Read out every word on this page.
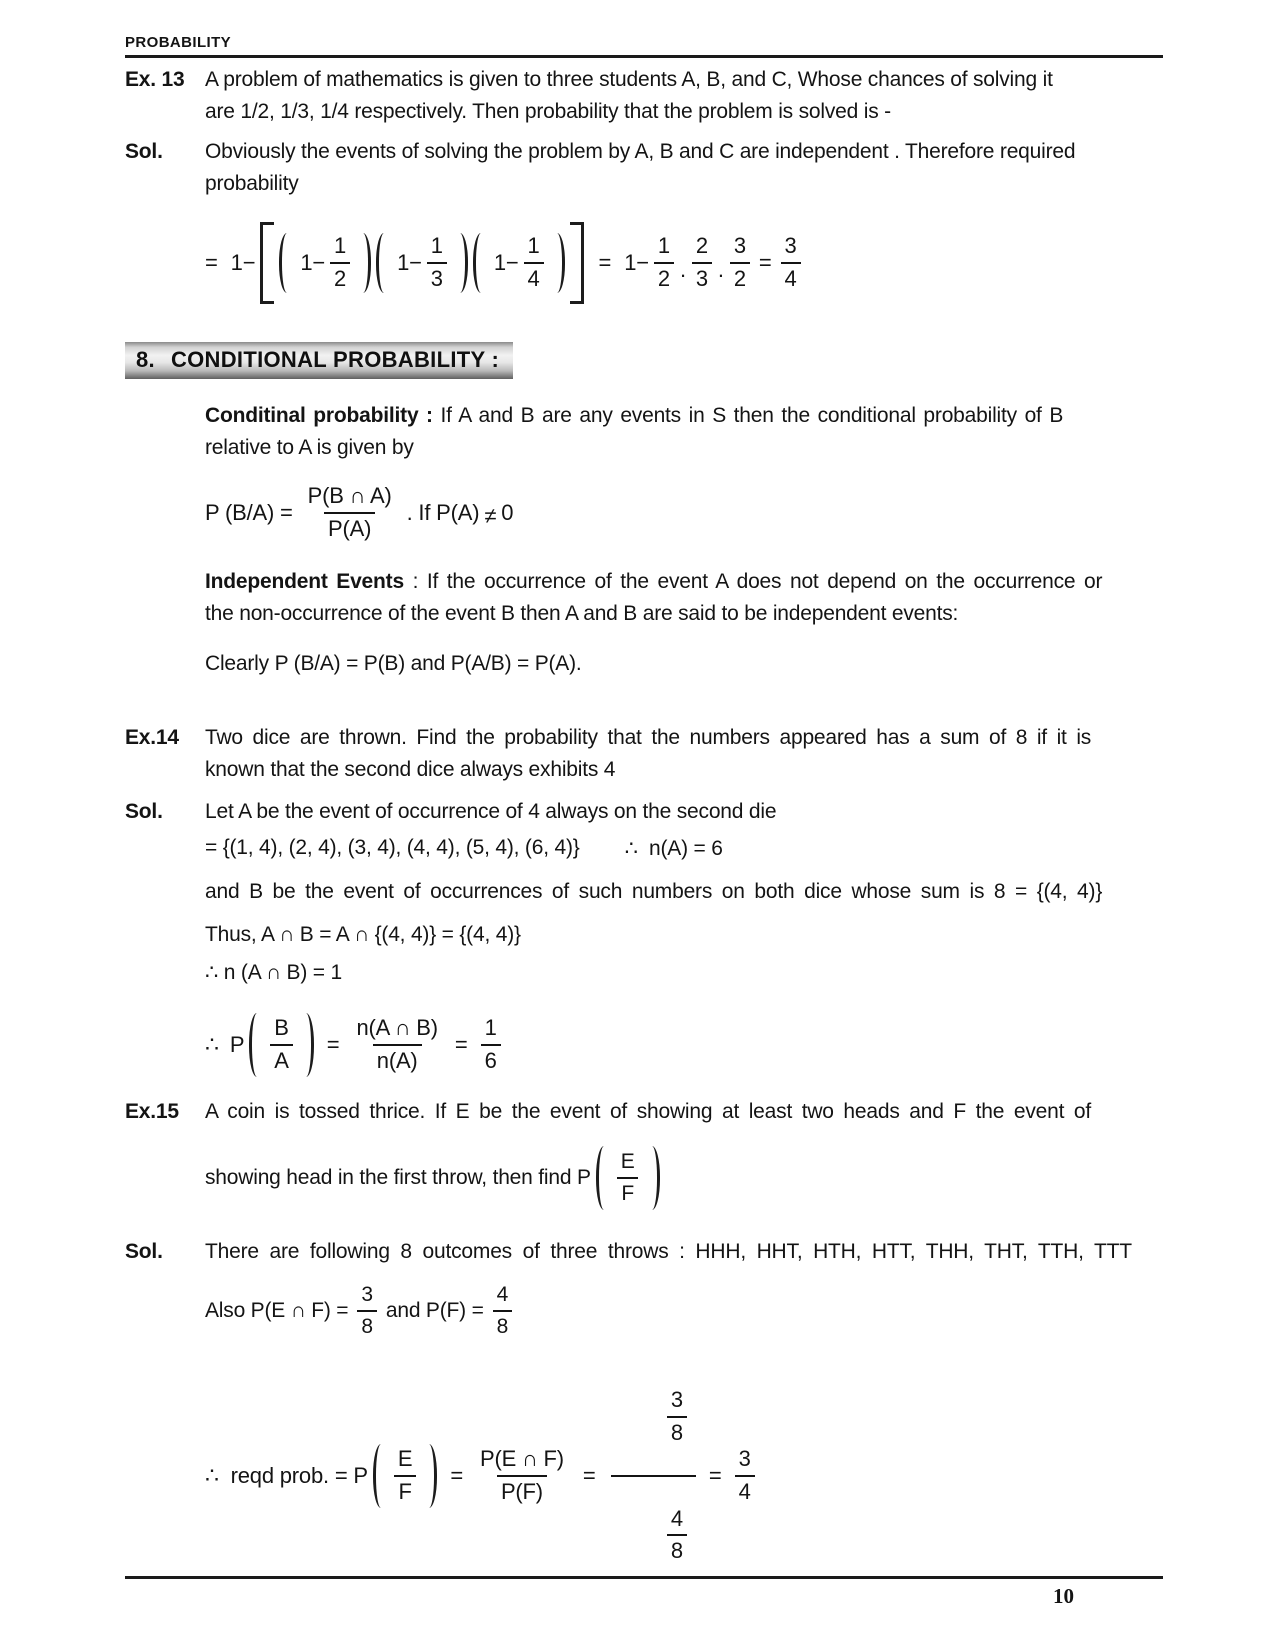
PROBABILITY
Ex. 13 A problem of mathematics is given to three students A, B, and C, Whose chances of solving it
are 1/2, 1/3, 1/4 respectively. Then probability that the problem is solved is -
Sol.	Obviously the events of solving the problem by A, B and C are independent . Therefore required
probability
= $1- 1- \frac{1}{2} 1- \frac{1}{3} 1- \frac{1}{4}$	= $1- \frac{1}{2}$ . $\frac{2}{3}$ . $\frac{3}{2} = \frac{3}{4}$
8. CONDITIONAL PROBABILITY :
Conditinal probability : If A and B are any events in S then the conditional probability of B
relative to A is given by
P $(B/A) = \frac{P(B \cap A)}{P(A)}$ . If P(A) ≠ 0
Independent Events : If the occurrence of the event A does not depend on the occurrence or
the non-occurrence of the event B then A and B are said to be independent events:
Clearly P (B/A) = P(B) and P(A/B) = P(A).
Ex.14	Two dice are thrown. Find the probability that the numbers appeared has a sum of 8 if it is
known that the second dice always exhibits 4
Sol.	Let A be the event of occurrence of 4 always on the second die
= {(1, 4), (2, 4), (3, 4), (4, 4), (5, 4), (6, 4)} ∴  n(A) = 6
and B be the event of occurrences of such numbers on both dice whose sum is 8 = {(4, 4)}
Thus, A ∩ B = A ∩ {(4, 4)} = {(4, 4)}
∴ n (A ∩ B) = 1
∴ P $\frac{B}{A} = \frac{n(A \cap B)}{n(A)} = \frac{1}{6}$
Ex.15	A coin is tossed thrice. If E be the event of showing at least two heads and F the event of
showing head in the first throw, then find P $\frac{E}{F}$
Sol.	There are following 8 outcomes of three throws : HHH, HHT, HTH, HTT, THH, THT, TTH, TTT
Also P(E ∩ $F) = \frac{3}{8}$ and $P(F) = \frac{4}{8}$
∴  reqd prob. = P $\frac{E}{F} = \frac{P(E \cap F)}{P(F)}$ =

$\frac{\frac{3}{8}}{\frac{4}{8}}$

= $\frac{3}{4}$
10
